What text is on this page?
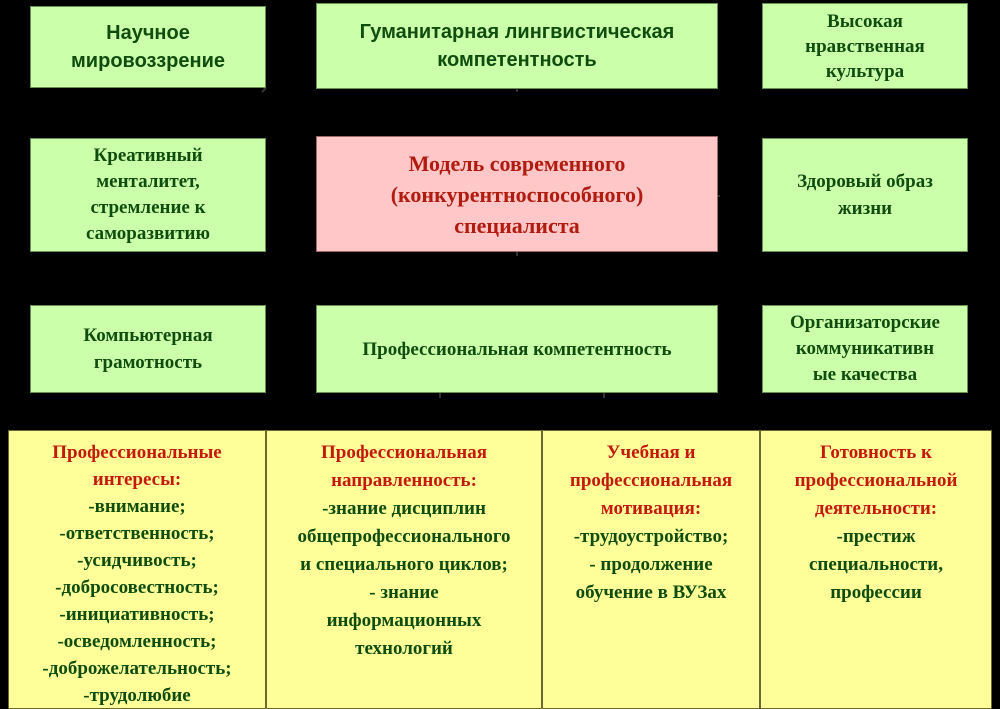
Научное
мировоззрение
Гуманитарная лингвистическая
компетентность
Высокая
нравственная
культура
Креативный
менталитет,
стремление к
саморазвитию
Модель современного
(конкурентноспособного)
специалиста
Здоровый образ
жизни
Компьютерная
грамотность
Профессиональная компетентность
Организаторские
коммуникативн
ые качества
Профессиональные
интересы:
-внимание;
-ответственность;
-усидчивость;
-добросовестность;
-инициативность;
-осведомленность;
-доброжелательность;
-трудолюбие
Профессиональная
направленность:
-знание дисциплин
общепрофессионального
и специального циклов;
- знание
информационных
технологий
Учебная и
профессиональная
мотивация:
-трудоустройство;
- продолжение
обучение в ВУЗах
Готовность к
профессиональной
деятельности:
-престиж
специальности,
профессии
